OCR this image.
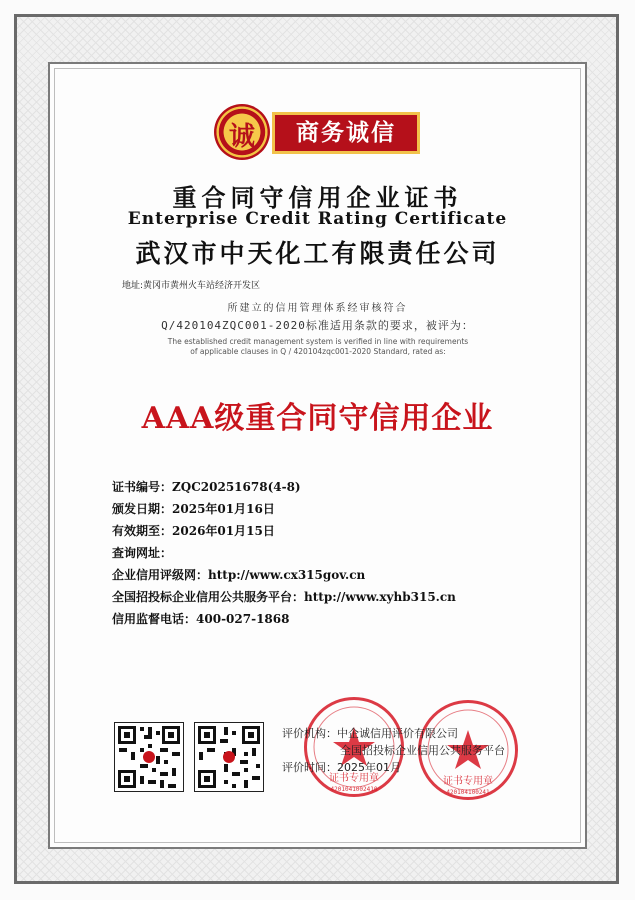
诚	商务诚信
重合同守信用企业证书
Enterprise Credit Rating Certificate
武汉市中天化工有限责任公司
地址:黄冈市黄州火车站经济开发区
所建立的信用管理体系经审核符合
Q/420104ZQC001-2020标准适用条款的要求，被评为：
The established credit management system is verified in line with requirements
of applicable clauses in Q / 420104zqc001-2020 Standard, rated as:
AAA级重合同守信用企业
证书编号：ZQC20251678(4-8)
颁发日期：2025年01月16日
有效期至：2026年01月15日
查询网址：
企业信用评级网：http://www.cx315gov.cn
全国招投标企业信用公共服务平台：http://www.xyhb315.cn
信用监督电话：400-027-1868
证书专用章
4201041002410
证书专用章
420104100241
评价机构：中企诚信用评价有限公司
全国招投标企业信用公共服务平台
评价时间：2025年01月
